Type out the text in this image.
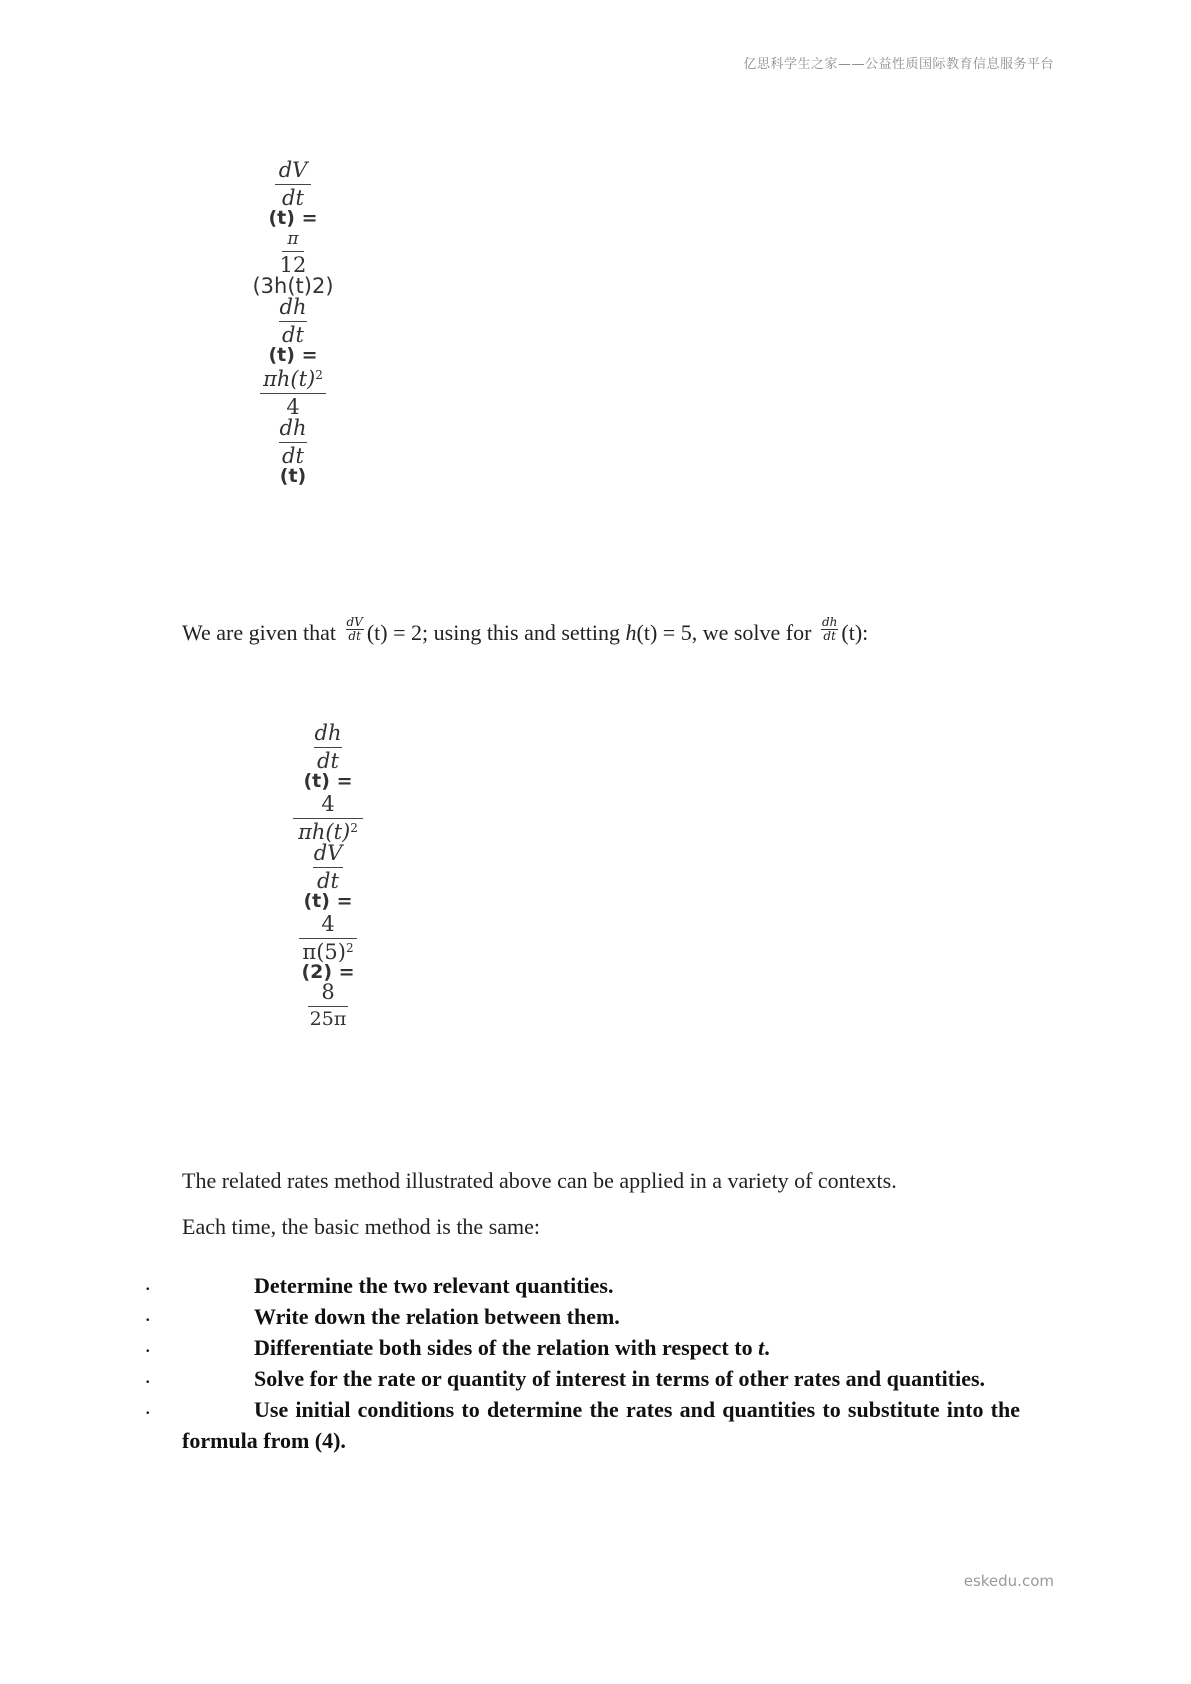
亿思科学生之家——公益性质国际教育信息服务平台
dV
dt
(t) =
π
12
(3h(t)2)
dh
dt
(t) =
$\pi h(t)^2$
4
dh
dt
(t)
We are given that $\frac{dV}{dt} (t) = 2$; using this and setting h(t) = 5, we solve for $\frac{dh}{dt} (t)$:
dh
dt
(t) =
4
$\pi h(t)^2$
dV
dt
(t) =
4
$\pi(5)^2$
(2) =
8
25π
The related rates method illustrated above can be applied in a variety of contexts.
Each time, the basic method is the same:
.	Determine the two relevant quantities.
.	Write down the relation between them.
.	Differentiate both sides of the relation with respect to t.
.	Solve for the rate or quantity of interest in terms of other rates and quantities.
.	Use initial conditions to determine the rates and quantities to substitute into the formula from (4).
eskedu.com
